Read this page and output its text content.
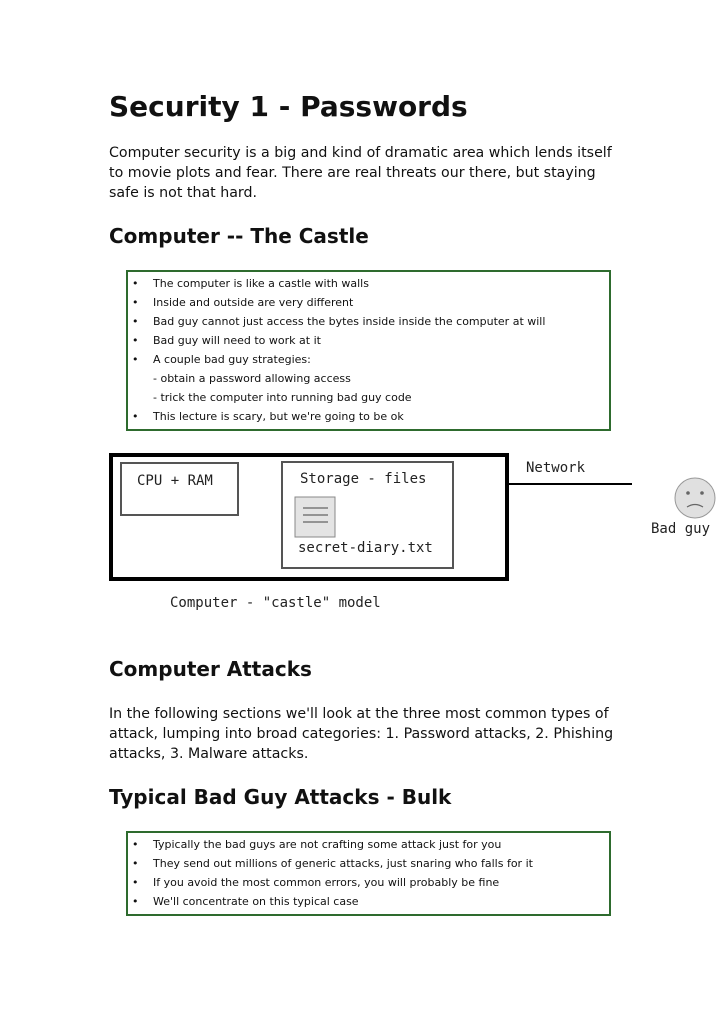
Security 1 - Passwords

Computer security is a big and kind of dramatic area which lends itself to movie plots and fear. There are real threats our there, but staying safe is not that hard.

Computer -- The Castle
• The computer is like a castle with walls
• Inside and outside are very different
• Bad guy cannot just access the bytes inside inside the computer at will
• Bad guy will need to work at it
• A couple bad guy strategies:
- obtain a password allowing access
- trick the computer into running bad guy code
• This lecture is scary, but we're going to be ok
Computer Attacks

In the following sections we'll look at the three most common types of attack, lumping into broad categories: 1. Password attacks, 2. Phishing attacks, 3. Malware attacks.

Typical Bad Guy Attacks - Bulk
• Typically the bad guys are not crafting some attack just for you
• They send out millions of generic attacks, just snaring who falls for it
• If you avoid the most common errors, you will probably be fine
• We'll concentrate on this typical case
CPU + RAM	Storage - files
secret-diary.txt
Network
Bad guy
Computer - "castle" model
